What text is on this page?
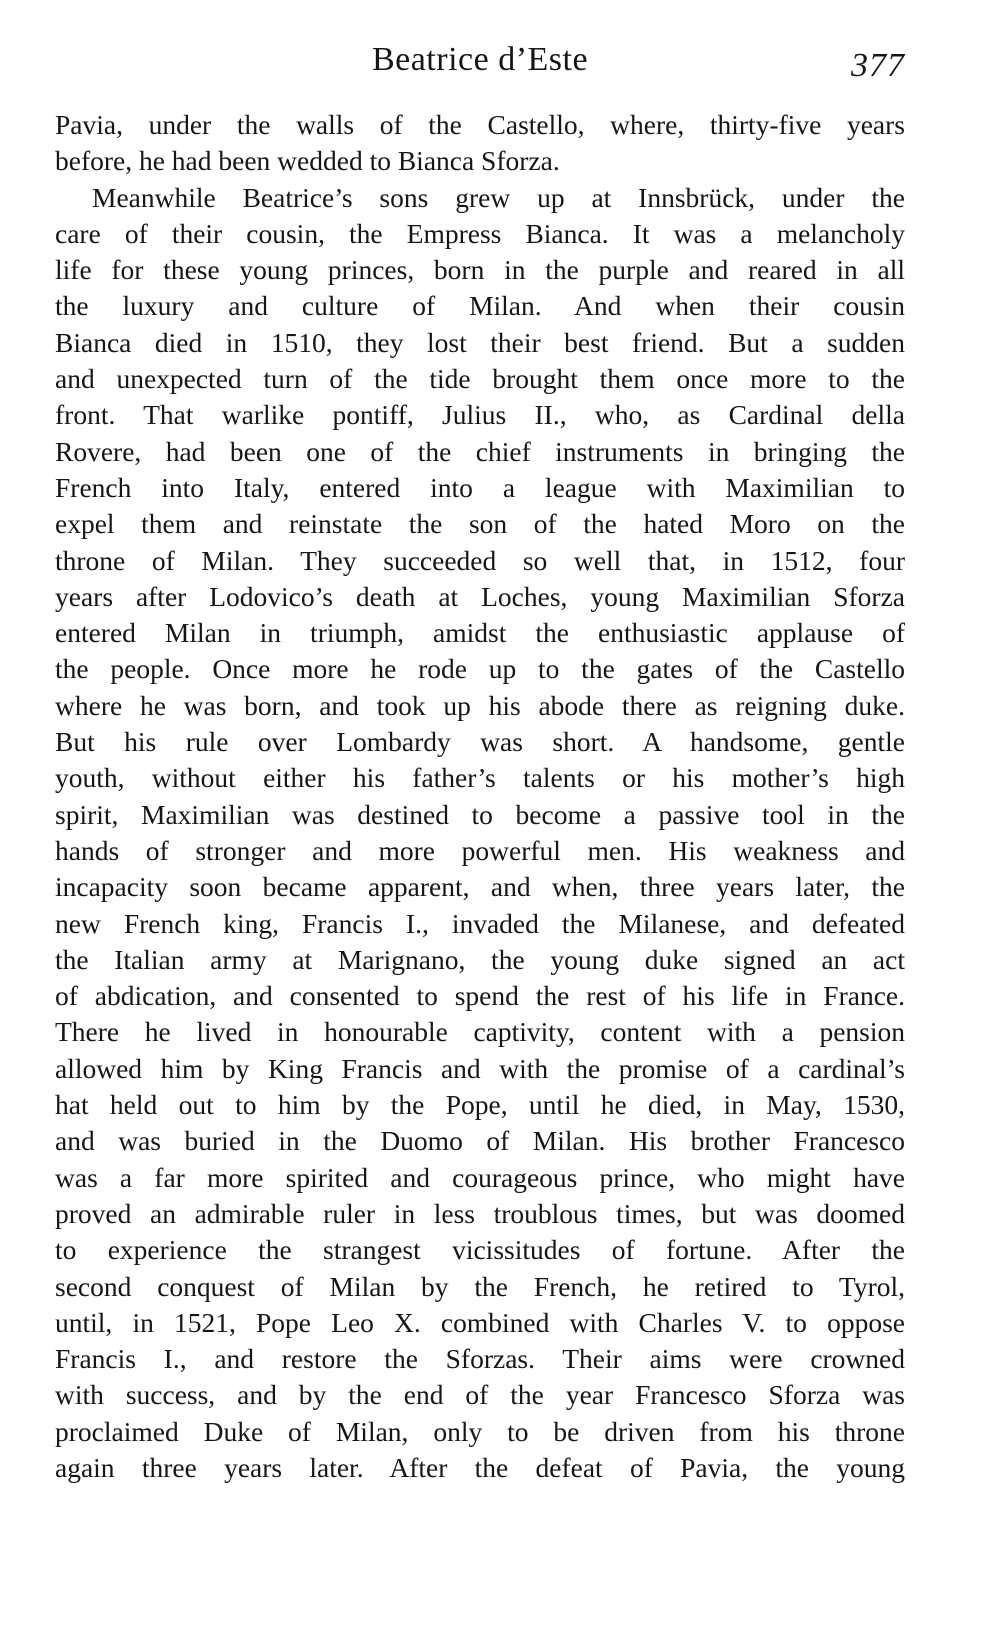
Beatrice d’Este	377
Pavia, under the walls of the Castello, where, thirty-five years
before, he had been wedded to Bianca Sforza.
Meanwhile Beatrice’s sons grew up at Innsbrück, under the
care of their cousin, the Empress Bianca. It was a melancholy
life for these young princes, born in the purple and reared in all
the luxury and culture of Milan. And when their cousin
Bianca died in 1510, they lost their best friend. But a sudden
and unexpected turn of the tide brought them once more to the
front. That warlike pontiff, Julius II., who, as Cardinal della
Rovere, had been one of the chief instruments in bringing the
French into Italy, entered into a league with Maximilian to
expel them and reinstate the son of the hated Moro on the
throne of Milan. They succeeded so well that, in 1512, four
years after Lodovico’s death at Loches, young Maximilian Sforza
entered Milan in triumph, amidst the enthusiastic applause of
the people. Once more he rode up to the gates of the Castello
where he was born, and took up his abode there as reigning duke.
But his rule over Lombardy was short. A handsome, gentle
youth, without either his father’s talents or his mother’s high
spirit, Maximilian was destined to become a passive tool in the
hands of stronger and more powerful men. His weakness and
incapacity soon became apparent, and when, three years later, the
new French king, Francis I., invaded the Milanese, and defeated
the Italian army at Marignano, the young duke signed an act
of abdication, and consented to spend the rest of his life in France.
There he lived in honourable captivity, content with a pension
allowed him by King Francis and with the promise of a cardinal’s
hat held out to him by the Pope, until he died, in May, 1530,
and was buried in the Duomo of Milan. His brother Francesco
was a far more spirited and courageous prince, who might have
proved an admirable ruler in less troublous times, but was doomed
to experience the strangest vicissitudes of fortune. After the
second conquest of Milan by the French, he retired to Tyrol,
until, in 1521, Pope Leo X. combined with Charles V. to oppose
Francis I., and restore the Sforzas. Their aims were crowned
with success, and by the end of the year Francesco Sforza was
proclaimed Duke of Milan, only to be driven from his throne
again three years later. After the defeat of Pavia, the young
